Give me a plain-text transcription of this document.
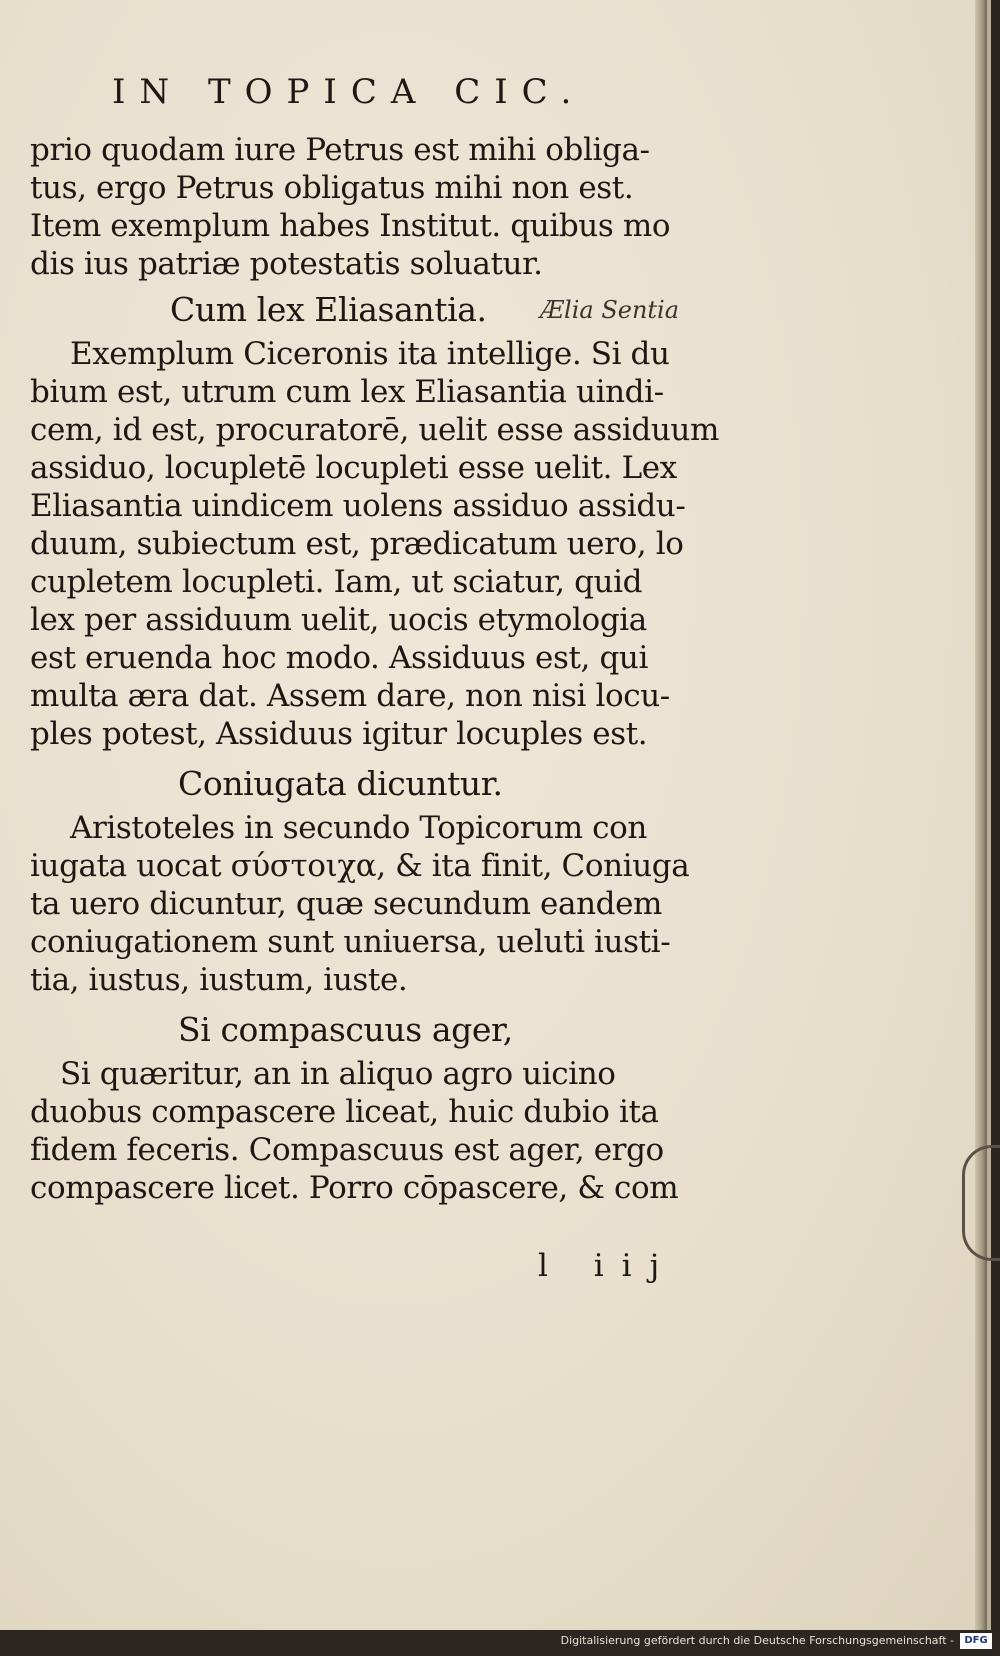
IN TOPICA CIC.
prio quodam iure Petrus est mihi obliga-
tus, ergo Petrus obligatus mihi non est.
Item exemplum habes Institut. quibus mo
dis ius patriæ potestatis soluatur.
Cum lex Eliasantia.
Exemplum Ciceronis ita intellige. Si du
bium est, utrum cum lex Eliasantia uindi-
cem, id est, procuratorē, uelit esse assiduum
assiduo, locupletē locupleti esse uelit. Lex
Eliasantia uindicem uolens assiduo assidu-
duum, subiectum est, prædicatum uero, lo
cupletem locupleti. Iam, ut sciatur, quid
lex per assiduum uelit, uocis etymologia
est eruenda hoc modo. Assiduus est, qui
multa æra dat. Assem dare, non nisi locu-
ples potest, Assiduus igitur locuples est.
Coniugata dicuntur.
Aristoteles in secundo Topicorum con
iugata uocat σύστοιχα, & ita finit, Coniuga
ta uero dicuntur, quæ secundum eandem
coniugationem sunt uniuersa, ueluti iusti-
tia, iustus, iustum, iuste.
Si compascuus ager,
Si quæritur, an in aliquo agro uicino
duobus compascere liceat, huic dubio ita
fidem feceris. Compascuus est ager, ergo
compascere licet. Porro cōpascere, & com
Ælia Sentia
l iij
Digitalisierung gefördert durch die Deutsche Forschungsgemeinschaft -	DFG
